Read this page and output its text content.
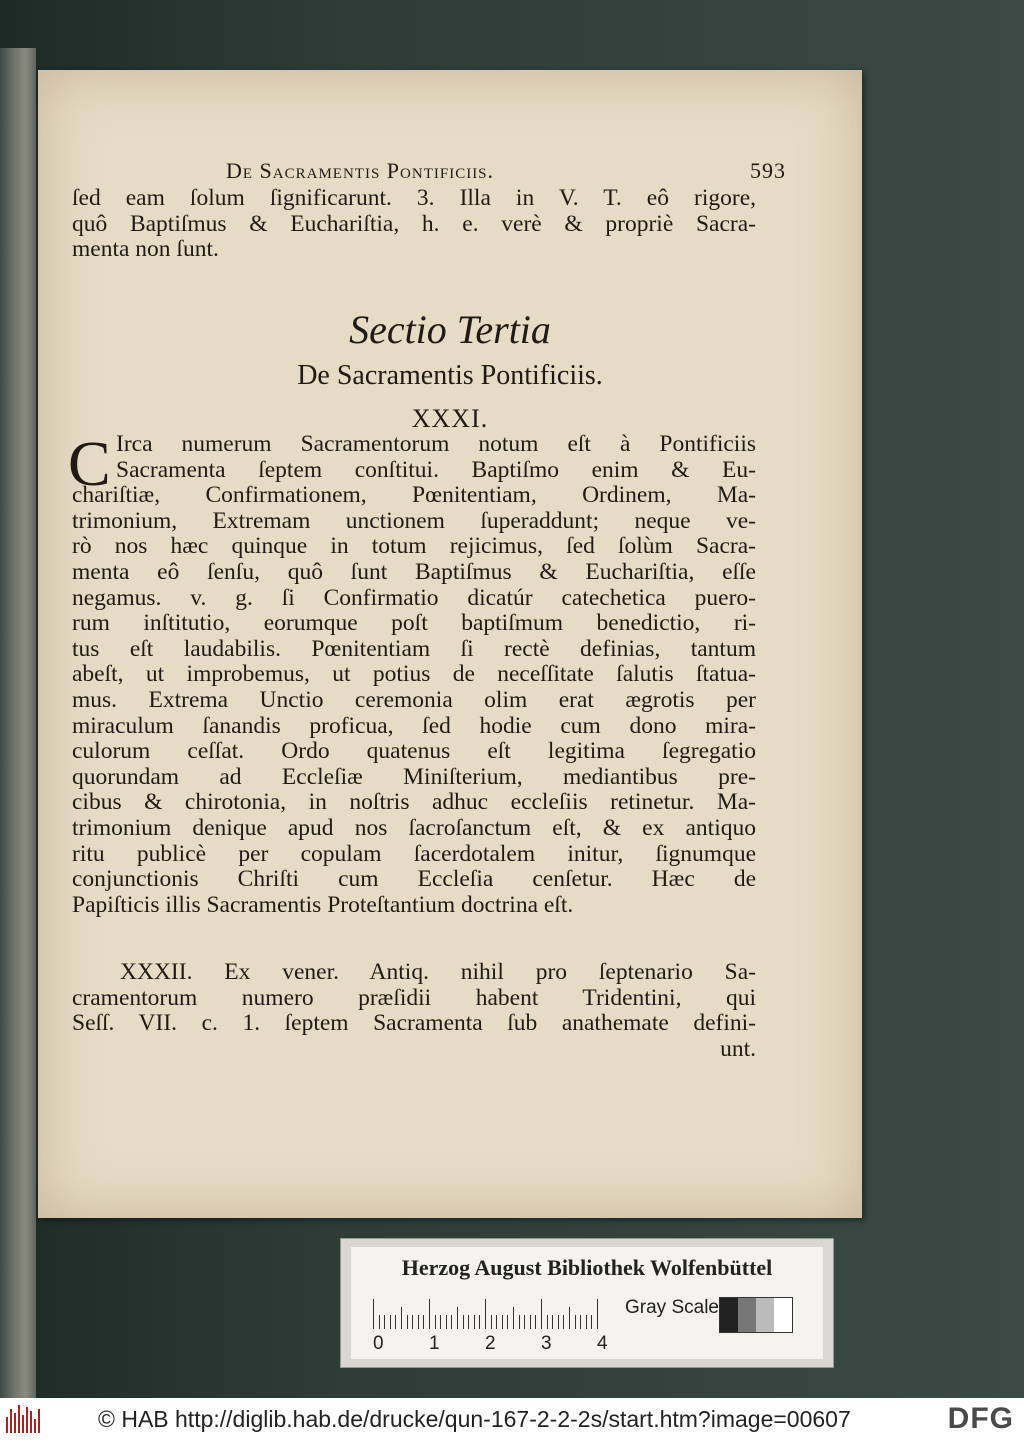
De Sacramentis Pontificiis.	593
ſed eam ſolum ſignificarunt. 3. Illa in V. T. eô rigore,
quô Baptiſmus & Euchariſtia, h. e. verè & propriè Sacra-
menta non ſunt.
Sectio Tertia
De Sacramentis Pontificiis.
XXXI.
C Irca numerum Sacramentorum notum eſt à Pontificiis
Sacramenta ſeptem conſtitui. Baptiſmo enim & Eu-
chariſtiæ, Confirmationem, Pœnitentiam, Ordinem, Ma-
trimonium, Extremam unctionem ſuperaddunt; neque ve-
rò nos hæc quinque in totum rejicimus, ſed ſolùm Sacra-
menta eô ſenſu, quô ſunt Baptiſmus & Euchariſtia, eſſe
negamus. v. g. ſi Confirmatio dicatúr catechetica puero-
rum inſtitutio, eorumque poſt baptiſmum benedictio, ri-
tus eſt laudabilis. Pœnitentiam ſi rectè definias, tantum
abeſt, ut improbemus, ut potius de neceſſitate ſalutis ſtatua-
mus. Extrema Unctio ceremonia olim erat ægrotis per
miraculum ſanandis proficua, ſed hodie cum dono mira-
culorum ceſſat. Ordo quatenus eſt legitima ſegregatio
quorundam ad Eccleſiæ Miniſterium, mediantibus pre-
cibus & chirotonia, in noſtris adhuc eccleſiis retinetur. Ma-
trimonium denique apud nos ſacroſanctum eſt, & ex antiquo
ritu publicè per copulam ſacerdotalem initur, ſignumque
conjunctionis Chriſti cum Eccleſia cenſetur. Hæc de
Papiſticis illis Sacramentis Proteſtantium doctrina eſt.
XXXII. Ex vener. Antiq. nihil pro ſeptenario Sa-
cramentorum numero præſidii habent Tridentini, qui
Seſſ. VII. c. 1. ſeptem Sacramenta ſub anathemate defini-
unt.
Herzog August Bibliothek Wolfenbüttel
0 1 2 3 4
Gray Scale
© HAB http://diglib.hab.de/drucke/qun-167-2-2-2s/start.htm?image=00607	DFG
